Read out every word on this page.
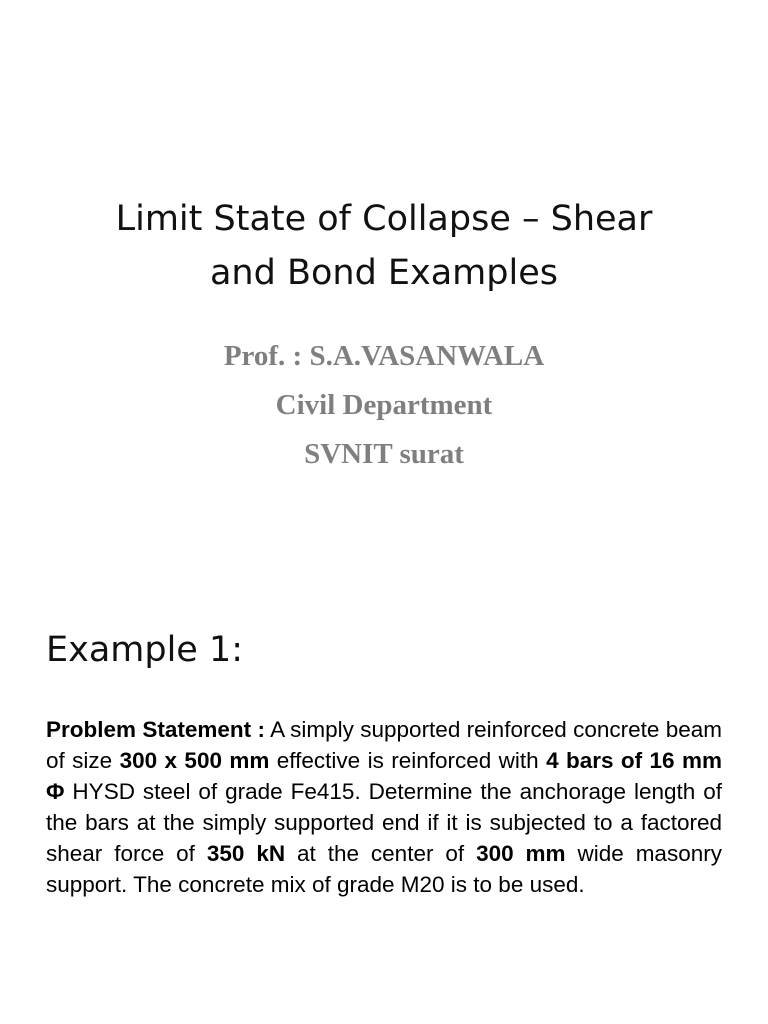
Limit State of Collapse – Shear
and Bond Examples
Prof. : S.A.VASANWALA
Civil Department
SVNIT surat
Example 1:
Problem Statement : A simply supported reinforced concrete beam of size 300 x 500 mm effective is reinforced with 4 bars of 16 mm Φ HYSD steel of grade Fe415. Determine the anchorage length of the bars at the simply supported end if it is subjected to a factored shear force of 350 kN at the center of 300 mm wide masonry support. The concrete mix of grade M20 is to be used.
